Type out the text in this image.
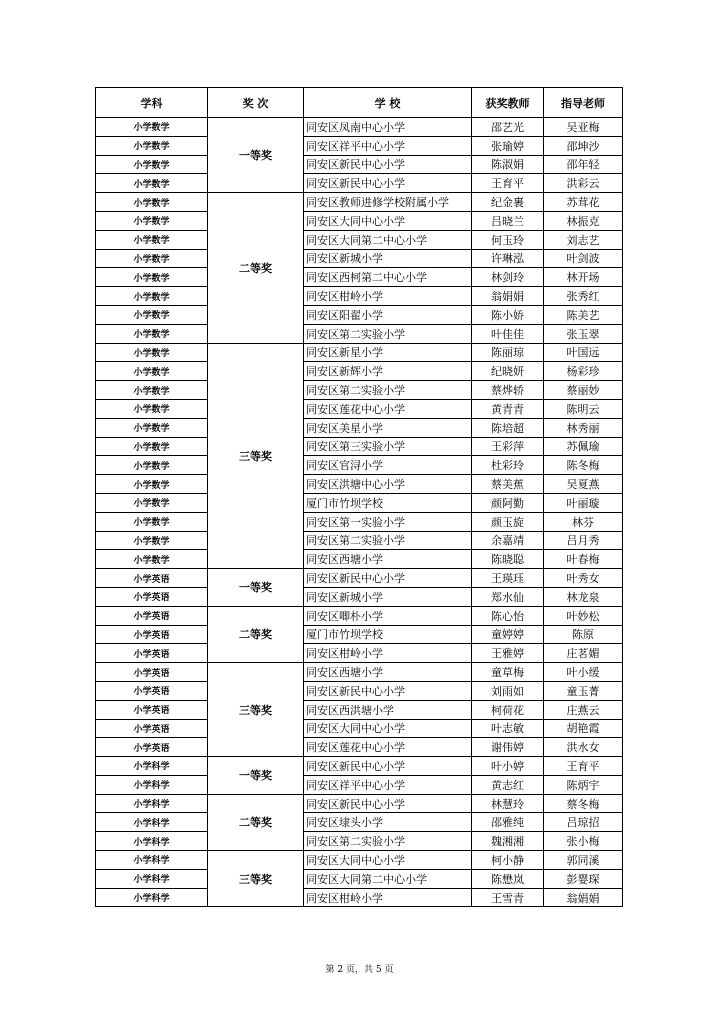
学科	奖 次	学 校	获奖教师	指导老师
小学数学	一等奖	同安区凤南中心小学	邵艺光	吴亚梅
小学数学		同安区祥平中心小学	张瑜婷	邵坤沙
小学数学		同安区新民中心小学	陈淑娟	邵年轻
小学数学		同安区新民中心小学	王育平	洪彩云
小学数学	二等奖	同安区教师进修学校附属小学	纪金裹	苏茸花
小学数学		同安区大同中心小学	吕晓兰	林振克
小学数学		同安区大同第二中心小学	何玉玲	刘志艺
小学数学		同安区新城小学	许琳泓	叶剑波
小学数学		同安区西柯第二中心小学	林剑玲	林开场
小学数学		同安区柑岭小学	翁娟娟	张秀红
小学数学		同安区阳翟小学	陈小娇	陈美艺
小学数学		同安区第二实验小学	叶佳佳	张玉翠
小学数学	三等奖	同安区新星小学	陈丽琼	叶国远
小学数学		同安区新辉小学	纪晓妍	杨彩珍
小学数学		同安区第二实验小学	蔡烨轿	蔡丽妙
小学数学		同安区莲花中心小学	黄青青	陈明云
小学数学		同安区美星小学	陈培超	林秀丽
小学数学		同安区第三实验小学	王彩萍	苏佩瑜
小学数学		同安区官浔小学	杜彩玲	陈冬梅
小学数学		同安区洪塘中心小学	蔡美蕉	吴夏燕
小学数学		厦门市竹坝学校	颜阿勤	叶丽璇
小学数学		同安区第一实验小学	颜玉旋	林芬
小学数学		同安区第二实验小学	余嘉靖	吕月秀
小学数学		同安区西塘小学	陈晓聪	叶春梅
小学英语	一等奖	同安区新民中心小学	王瑛珏	叶秀女
小学英语		同安区新城小学	郑水仙	林龙泉
小学英语	二等奖	同安区唧朴小学	陈心怡	叶妙松
小学英语		厦门市竹坝学校	童婷婷	陈原
小学英语		同安区柑岭小学	王雅婷	庄茗媚
小学英语	三等奖	同安区西塘小学	童草梅	叶小缓
小学英语		同安区新民中心小学	刘雨如	童玉菁
小学英语		同安区西洪塘小学	柯荷花	庄燕云
小学英语		同安区大同中心小学	叶志敏	胡艳霞
小学英语		同安区莲花中心小学	谢伟婷	洪水女
小学科学	一等奖	同安区新民中心小学	叶小婷	王育平
小学科学		同安区祥平中心小学	黄志红	陈炳宇
小学科学	二等奖	同安区新民中心小学	林慧玲	蔡冬梅
小学科学		同安区埭头小学	邵雅纯	吕琼招
小学科学		同安区第二实验小学	魏湘湘	张小梅
小学科学	三等奖	同安区大同中心小学	柯小静	郭同溪
小学科学		同安区大同第二中心小学	陈懋岚	彭婴琛
小学科学		同安区柑岭小学	王雪青	翁娟娟
第 2 页，共 5 页
